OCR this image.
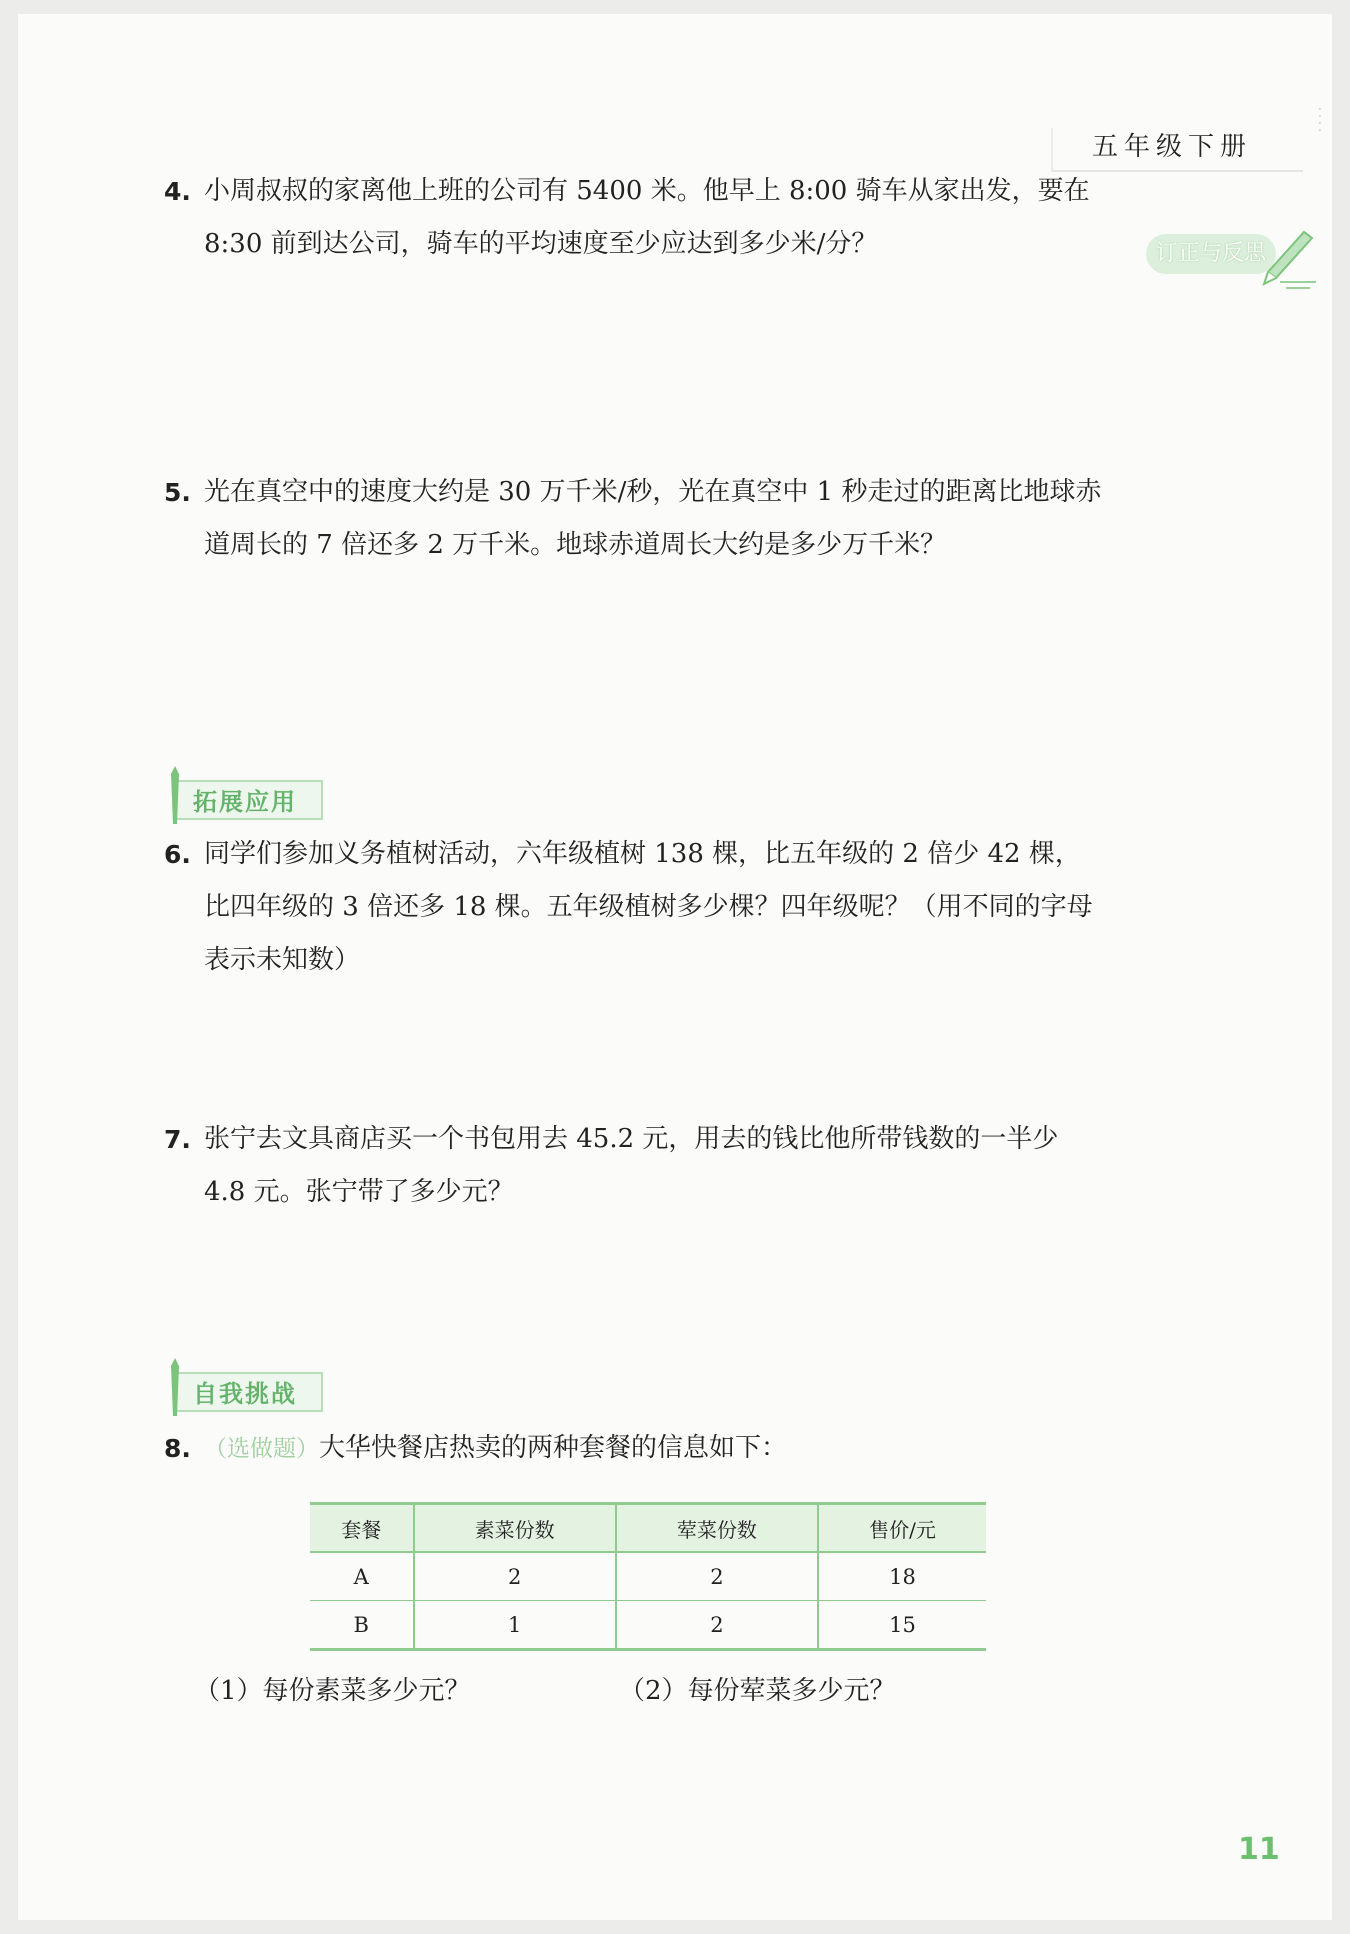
⁚ ⁚
五年级下册
订正与反思
4. 小周叔叔的家离他上班的公司有 5400 米。他早上 8:00 骑车从家出发，要在 8:30 前到达公司，骑车的平均速度至少应达到多少米/分？
5. 光在真空中的速度大约是 30 万千米/秒，光在真空中 1 秒走过的距离比地球赤道周长的 7 倍还多 2 万千米。地球赤道周长大约是多少万千米？
拓展应用
6. 同学们参加义务植树活动，六年级植树 138 棵，比五年级的 2 倍少 42 棵，比四年级的 3 倍还多 18 棵。五年级植树多少棵？四年级呢？（用不同的字母表示未知数）
7. 张宁去文具商店买一个书包用去 45.2 元，用去的钱比他所带钱数的一半少 4.8 元。张宁带了多少元？
自我挑战
8. （选做题）大华快餐店热卖的两种套餐的信息如下：
套餐	素菜份数	荤菜份数	售价/元
A	2	2	18
B	1	2	15
（1）每份素菜多少元？	（2）每份荤菜多少元？
11
